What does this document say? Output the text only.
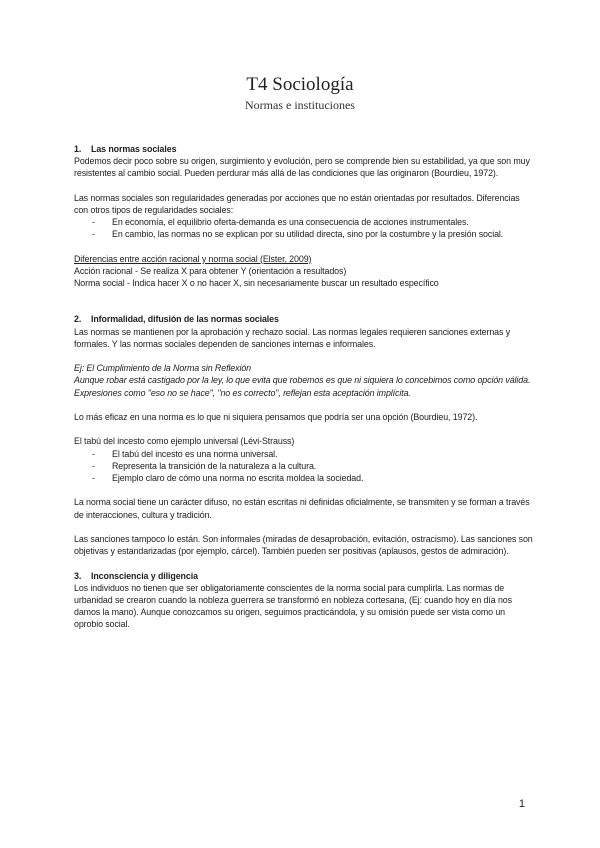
T4 Sociología
Normas e instituciones
1. Las normas sociales

Podemos decir poco sobre su origen, surgimiento y evolución, pero se comprende bien su estabilidad, ya que son muy resistentes al cambio social. Pueden perdurar más allá de las condiciones que las originaron (Bourdieu, 1972).

Las normas sociales son regularidades generadas por acciones que no están orientadas por resultados. Diferencias con otros tipos de regularidades sociales:

- En economía, el equilibrio oferta-demanda es una consecuencia de acciones instrumentales.
- En cambio, las normas no se explican por su utilidad directa, sino por la costumbre y la presión social.

Diferencias entre acción racional y norma social (Elster, 2009)

Acción racional - Se realiza X para obtener Y (orientación a resultados)

Norma social - Indica hacer X o no hacer X, sin necesariamente buscar un resultado específico

2. Informalidad, difusión de las normas sociales

Las normas se mantienen por la aprobación y rechazo social. Las normas legales requieren sanciones externas y formales. Y las normas sociales dependen de sanciones internas e informales.

Ej: El Cumplimiento de la Norma sin Reflexión

Aunque robar está castigado por la ley, lo que evita que robemos es que ni siquiera lo concebimos como opción válida. Expresiones como "eso no se hace", "no es correcto", reflejan esta aceptación implícita.

Lo más eficaz en una norma es lo que ni siquiera pensamos que podría ser una opción (Bourdieu, 1972).

El tabú del incesto como ejemplo universal (Lévi-Strauss)

- El tabú del incesto es una norma universal.
- Representa la transición de la naturaleza a la cultura.
- Ejemplo claro de cómo una norma no escrita moldea la sociedad.

La norma social tiene un carácter difuso, no están escritas ni definidas oficialmente, se transmiten y se forman a través de interacciones, cultura y tradición.

Las sanciones tampoco lo están. Son informales (miradas de desaprobación, evitación, ostracismo). Las sanciones son objetivas y estandarizadas (por ejemplo, cárcel). También pueden ser positivas (aplausos, gestos de admiración).

3. Inconsciencia y diligencia

Los individuos no tienen que ser obligatoriamente conscientes de la norma social para cumplirla. Las normas de urbanidad se crearon cuando la nobleza guerrera se transformó en nobleza cortesana, (Ej: cuando hoy en día nos damos la mano). Aunque conozcamos su origen, seguimos practicándola, y su omisión puede ser vista como un oprobio social.

1
